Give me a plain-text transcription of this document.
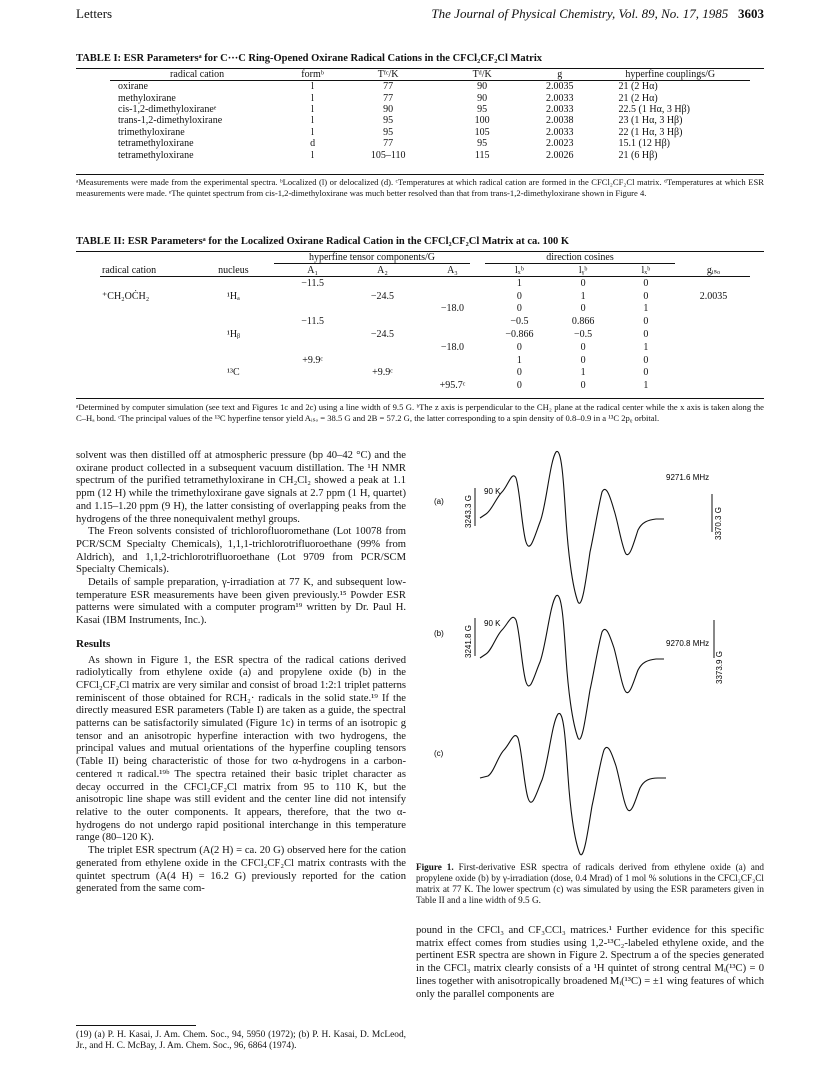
Letters	The Journal of Physical Chemistry, Vol. 89, No. 17, 1985 3603
TABLE I: ESR Parametersᵃ for C···C Ring-Opened Oxirane Radical Cations in the CFCl₂CF₂Cl Matrix
radical cation	formᵇ	Tᶠᶜ/K	Tᵈ/K	g	hyperfine couplings/G
oxirane	l	77	90	2.0035	21 (2 Hα)
methyloxirane	l	77	90	2.0033	21 (2 Hα)
cis-1,2-dimethyloxiraneᵉ	l	90	95	2.0033	22.5 (1 Hα, 3 Hβ)
trans-1,2-dimethyloxirane	l	95	100	2.0038	23 (1 Hα, 3 Hβ)
trimethyloxirane	l	95	105	2.0033	22 (1 Hα, 3 Hβ)
tetramethyloxirane	d	77	95	2.0023	15.1 (12 Hβ)
tetramethyloxirane	l	105–110	115	2.0026	21 (6 Hβ)
ᵃMeasurements were made from the experimental spectra. ᵇLocalized (l) or delocalized (d). ᶜTemperatures at which radical cation are formed in the CFCl₂CF₂Cl matrix. ᵈTemperatures at which ESR measurements were made. ᵉThe quintet spectrum from cis-1,2-dimethyloxirane was much better resolved than that from trans-1,2-dimethyloxirane shown in Figure 4.
TABLE II: ESR Parametersᵃ for the Localized Oxirane Radical Cation in the CFCl₂CF₂Cl Matrix at ca. 100 K
hyperfine tensor components/G	direction cosines
radical cation	nucleus	A₁	A₂	A₃	lₓᵇ	lᵧᵇ	lₓᵇ	gᵢₛₒ
		−11.5			1	0	0	
⁺CH₂OĊH₂	¹Hₐ		−24.5		0	1	0	2.0035
				−18.0	0	0	1	
		−11.5			−0.5	0.866	0	
	¹Hᵦ		−24.5		−0.866	−0.5	0	
				−18.0	0	0	1	
		+9.9ᶜ			1	0	0	
	¹³C		+9.9ᶜ		0	1	0	
				+95.7ᶜ	0	0	1	
ᵃDetermined by computer simulation (see text and Figures 1c and 2c) using a line width of 9.5 G. ᵇThe z axis is perpendicular to the CH₂ plane at the radical center while the x axis is taken along the C–Hₐ bond. ᶜThe principal values of the ¹³C hyperfine tensor yield Aᵢₛₒ = 38.5 G and 2B = 57.2 G, the latter corresponding to a spin density of 0.8–0.9 in a ¹³C 2pᵨ orbital.

solvent was then distilled off at atmospheric pressure (bp 40–42 °C) and the oxirane product collected in a subsequent vacuum distillation. The ¹H NMR spectrum of the purified tetramethyloxirane in CH₂Cl₂ showed a peak at 1.1 ppm (12 H) while the trimethyloxirane gave signals at 2.7 ppm (1 H, quartet) and 1.15–1.20 ppm (9 H), the latter consisting of overlapping peaks from the hydrogens of the three nonequivalent methyl groups.

The Freon solvents consisted of trichlorofluoromethane (Lot 10078 from PCR/SCM Specialty Chemicals), 1,1,1-trichlorotrifluoroethane (99% from Aldrich), and 1,1,2-trichlorotrifluoroethane (Lot 9709 from PCR/SCM Specialty Chemicals).

Details of sample preparation, γ-irradiation at 77 K, and subsequent low-temperature ESR measurements have been given previously.¹⁵ Powder ESR patterns were simulated with a computer program¹⁹ written by Dr. Paul H. Kasai (IBM Instruments, Inc.).

Results

As shown in Figure 1, the ESR spectra of the radical cations derived radiolytically from ethylene oxide (a) and propylene oxide (b) in the CFCl₂CF₂Cl matrix are very similar and consist of broad 1:2:1 triplet patterns reminiscent of those obtained for RCH₂· radicals in the solid state.¹⁹ If the directly measured ESR parameters (Table I) are taken as a guide, the spectral patterns can be satisfactorily simulated (Figure 1c) in terms of an isotropic g tensor and an anisotropic hyperfine interaction with two hydrogens, the principal values and mutual orientations of the hyperfine coupling tensors (Table II) being characteristic of those for two α-hydrogens in a carbon-centered π radical.¹⁹ᵇ The spectra retained their basic triplet character as decay occurred in the CFCl₂CF₂Cl matrix from 95 to 110 K, but the anisotropic line shape was still evident and the center line did not intensify relative to the outer components. It appears, therefore, that the two α-hydrogens do not undergo rapid positional interchange in this temperature range (80–120 K).

The triplet ESR spectrum (A(2 H) = ca. 20 G) observed here for the cation generated from ethylene oxide in the CFCl₂CF₂Cl matrix contrasts with the quintet spectrum (A(4 H) = 16.2 G) previously reported for the cation generated from the same com-

(19) (a) P. H. Kasai, J. Am. Chem. Soc., 94, 5950 (1972); (b) P. H. Kasai, D. McLeod, Jr., and H. C. McBay, J. Am. Chem. Soc., 96, 6864 (1974).
(a)
90 K
9271.6 MHz
3243.3 G	3370.3 G
(b)
90 K
9270.8 MHz
3241.8 G
3373.9 G
(c)
Figure 1. First-derivative ESR spectra of radicals derived from ethylene oxide (a) and propylene oxide (b) by γ-irradiation (dose, 0.4 Mrad) of 1 mol % solutions in the CFCl₂CF₂Cl matrix at 77 K. The lower spectrum (c) was simulated by using the ESR parameters given in Table II and a line width of 9.5 G.

pound in the CFCl₃ and CF₃CCl₃ matrices.¹ Further evidence for this specific matrix effect comes from studies using 1,2-¹³C₂-labeled ethylene oxide, and the pertinent ESR spectra are shown in Figure 2. Spectrum a of the species generated in the CFCl₃ matrix clearly consists of a ¹H quintet of strong central Mᵢ(¹³C) = 0 lines together with anisotropically broadened Mᵢ(¹³C) = ±1 wing features of which only the parallel components are
